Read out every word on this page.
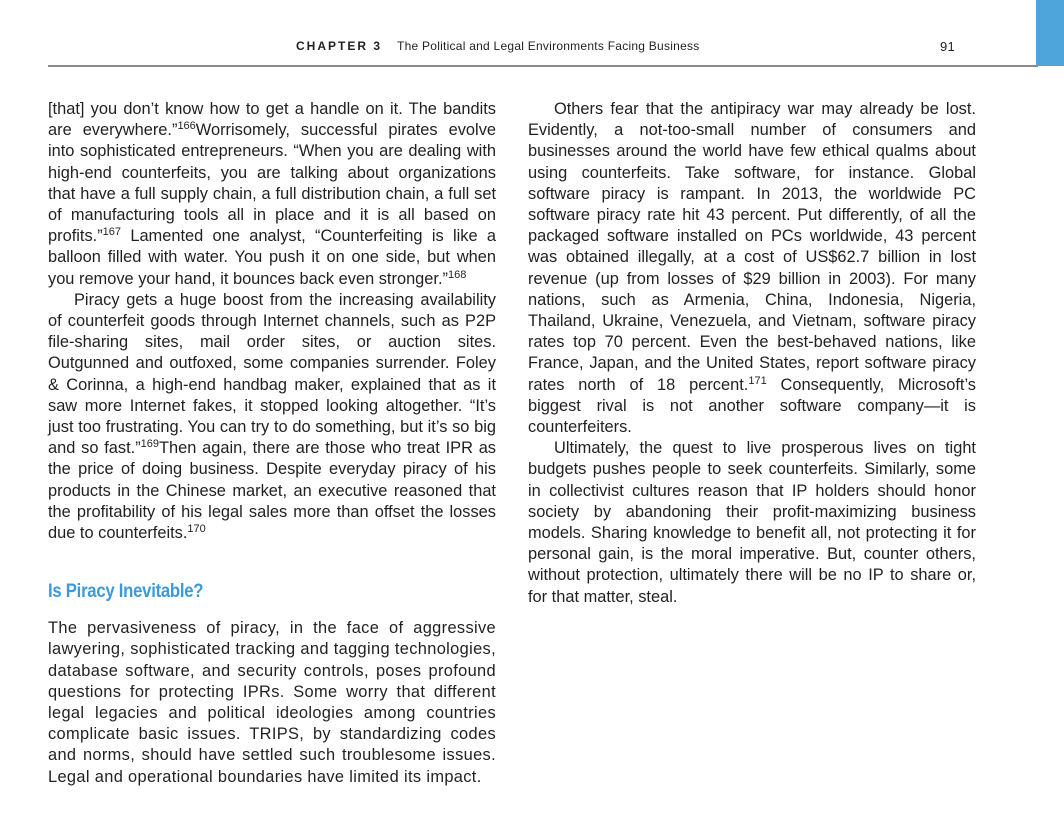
CHAPTER 3 The Political and Legal Environments Facing Business	91

[that] you don’t know how to get a handle on it. The bandits are everywhere.”$^{166}$Worrisomely, successful pirates evolve into sophisticated entrepreneurs. “When you are dealing with high-end counterfeits, you are talking about organizations that have a full supply chain, a full distribution chain, a full set of manufacturing tools all in place and it is all based on profits.”$^{167}$ Lamented one analyst, “Counterfeiting is like a balloon filled with water. You push it on one side, but when you remove your hand, it bounces back even stronger.”$^{168}$

Piracy gets a huge boost from the increasing availability of counterfeit goods through Internet channels, such as P2P file-sharing sites, mail order sites, or auction sites. Outgunned and outfoxed, some companies surrender. Foley & Corinna, a high-end handbag maker, explained that as it saw more Internet fakes, it stopped looking altogether. “It’s just too frustrating. You can try to do something, but it’s so big and so fast.”$^{169}$Then again, there are those who treat IPR as the price of doing business. Despite everyday piracy of his products in the Chinese market, an executive reasoned that the profitability of his legal sales more than offset the losses due to counterfeits.$^{170}$

Is Piracy Inevitable?

The pervasiveness of piracy, in the face of aggressive lawyering, sophisticated tracking and tagging technologies, database software, and security controls, poses profound questions for protecting IPRs. Some worry that different legal legacies and political ideologies among countries complicate basic issues. TRIPS, by standardizing codes and norms, should have settled such troublesome issues. Legal and operational boundaries have limited its impact.

Others fear that the antipiracy war may already be lost. Evidently, a not-too-small number of consumers and businesses around the world have few ethical qualms about using counterfeits. Take software, for instance. Global software piracy is rampant. In 2013, the worldwide PC software piracy rate hit 43 percent. Put differently, of all the packaged software installed on PCs worldwide, 43 percent was obtained illegally, at a cost of US$62.7 billion in lost revenue (up from losses of $29 billion in 2003). For many nations, such as Armenia, China, Indonesia, Nigeria, Thailand, Ukraine, Venezuela, and Vietnam, software piracy rates top 70 percent. Even the best-behaved nations, like France, Japan, and the United States, report software piracy rates north of 18 percent.$^{171}$ Consequently, Microsoft’s biggest rival is not another software company—it is counterfeiters.

Ultimately, the quest to live prosperous lives on tight budgets pushes people to seek counterfeits. Similarly, some in collectivist cultures reason that IP holders should honor society by abandoning their profit-maximizing business models. Sharing knowledge to benefit all, not protecting it for personal gain, is the moral imperative. But, counter others, without protection, ultimately there will be no IP to share or, for that matter, steal.
